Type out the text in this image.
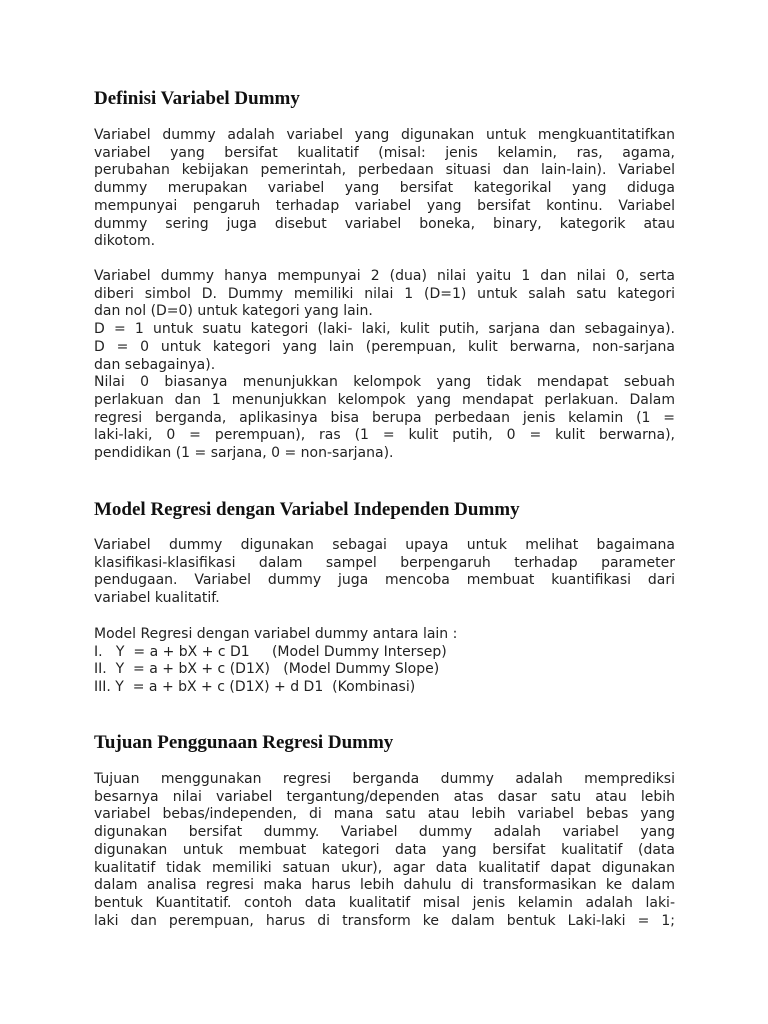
Definisi Variabel Dummy
Variabel dummy adalah variabel yang digunakan untuk mengkuantitatifkan
variabel yang bersifat kualitatif (misal: jenis kelamin, ras, agama,
perubahan kebijakan pemerintah, perbedaan situasi dan lain-lain). Variabel
dummy merupakan variabel yang bersifat kategorikal yang diduga
mempunyai pengaruh terhadap variabel yang bersifat kontinu. Variabel
dummy sering juga disebut variabel boneka, binary, kategorik atau
dikotom.
Variabel dummy hanya mempunyai 2 (dua) nilai yaitu 1 dan nilai 0, serta
diberi simbol D. Dummy memiliki nilai 1 (D=1) untuk salah satu kategori
dan nol (D=0) untuk kategori yang lain.
D = 1 untuk suatu kategori (laki- laki, kulit putih, sarjana dan sebagainya).
D = 0 untuk kategori yang lain (perempuan, kulit berwarna, non-sarjana
dan sebagainya).
Nilai 0 biasanya menunjukkan kelompok yang tidak mendapat sebuah
perlakuan dan 1 menunjukkan kelompok yang mendapat perlakuan. Dalam
regresi berganda, aplikasinya bisa berupa perbedaan jenis kelamin (1 =
laki-laki, 0 = perempuan), ras (1 = kulit putih, 0 = kulit berwarna),
pendidikan (1 = sarjana, 0 = non-sarjana).
Model Regresi dengan Variabel Independen Dummy
Variabel dummy digunakan sebagai upaya untuk melihat bagaimana
klasifikasi-klasifikasi dalam sampel berpengaruh terhadap parameter
pendugaan. Variabel dummy juga mencoba membuat kuantifikasi dari
variabel kualitatif.
Model Regresi dengan variabel dummy antara lain :
I.   Y  = a + bX + c D1     (Model Dummy Intersep)
II.  Y  = a + bX + c (D1X)   (Model Dummy Slope)
III. Y  = a + bX + c (D1X) + d D1  (Kombinasi)
Tujuan Penggunaan Regresi Dummy
Tujuan menggunakan regresi berganda dummy adalah memprediksi
besarnya nilai variabel tergantung/dependen atas dasar satu atau lebih
variabel bebas/independen, di mana satu atau lebih variabel bebas yang
digunakan bersifat dummy. Variabel dummy adalah variabel yang
digunakan untuk membuat kategori data yang bersifat kualitatif (data
kualitatif tidak memiliki satuan ukur), agar data kualitatif dapat digunakan
dalam analisa regresi maka harus lebih dahulu di transformasikan ke dalam
bentuk Kuantitatif. contoh data kualitatif misal jenis kelamin adalah laki-
laki dan perempuan, harus di transform ke dalam bentuk Laki-laki = 1;
